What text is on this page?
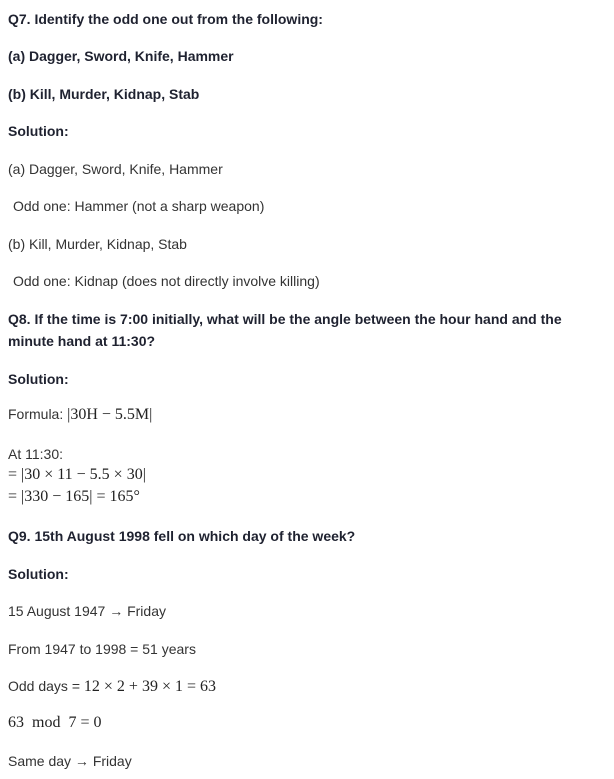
Q7. Identify the odd one out from the following:
(a) Dagger, Sword, Knife, Hammer
(b) Kill, Murder, Kidnap, Stab
Solution:
(a) Dagger, Sword, Knife, Hammer
Odd one: Hammer (not a sharp weapon)
(b) Kill, Murder, Kidnap, Stab
Odd one: Kidnap (does not directly involve killing)
Q8. If the time is 7:00 initially, what will be the angle between the hour hand and the minute hand at 11:30?
Solution:
Formula: |30H − 5.5M|
At 11:30:
= |30 × 11 − 5.5 × 30|
= |330 − 165| = 165°
Q9. 15th August 1998 fell on which day of the week?
Solution:
15 August 1947 → Friday
From 1947 to 1998 = 51 years
Odd days = 12 × 2 + 39 × 1 = 63
63  mod  7 = 0
Same day → Friday
